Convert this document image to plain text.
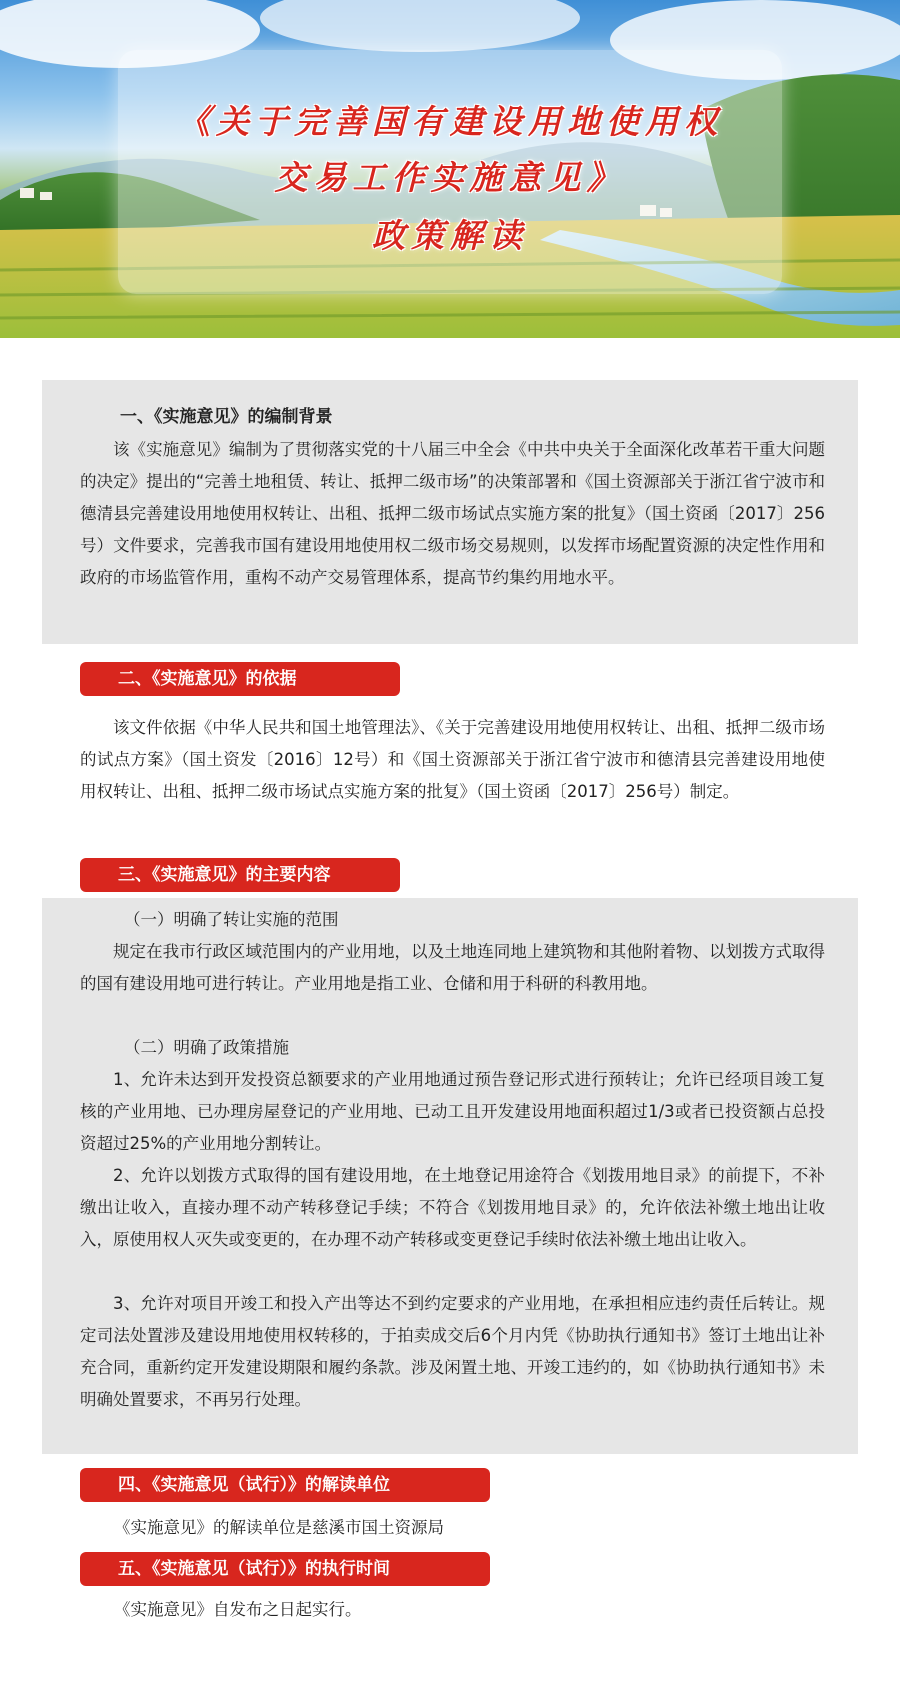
《关于完善国有建设用地使用权
交易工作实施意见》
政策解读
一、《实施意见》的编制背景
该《实施意见》编制为了贯彻落实党的十八届三中全会《中共中央关于全面深化改革若干重大问题的决定》提出的“完善土地租赁、转让、抵押二级市场”的决策部署和《国土资源部关于浙江省宁波市和德清县完善建设用地使用权转让、出租、抵押二级市场试点实施方案的批复》（国土资函〔2017〕256号）文件要求，完善我市国有建设用地使用权二级市场交易规则，以发挥市场配置资源的决定性作用和政府的市场监管作用，重构不动产交易管理体系，提高节约集约用地水平。
二、《实施意见》的依据
该文件依据《中华人民共和国土地管理法》、《关于完善建设用地使用权转让、出租、抵押二级市场的试点方案》（国土资发〔2016〕12号）和《国土资源部关于浙江省宁波市和德清县完善建设用地使用权转让、出租、抵押二级市场试点实施方案的批复》（国土资函〔2017〕256号）制定。
三、《实施意见》的主要内容
（一）明确了转让实施的范围
规定在我市行政区域范围内的产业用地，以及土地连同地上建筑物和其他附着物、以划拨方式取得的国有建设用地可进行转让。产业用地是指工业、仓储和用于科研的科教用地。
（二）明确了政策措施
1、允许未达到开发投资总额要求的产业用地通过预告登记形式进行预转让；允许已经项目竣工复核的产业用地、已办理房屋登记的产业用地、已动工且开发建设用地面积超过1/3或者已投资额占总投资超过25%的产业用地分割转让。
2、允许以划拨方式取得的国有建设用地，在土地登记用途符合《划拨用地目录》的前提下，不补缴出让收入，直接办理不动产转移登记手续；不符合《划拨用地目录》的，允许依法补缴土地出让收入，原使用权人灭失或变更的，在办理不动产转移或变更登记手续时依法补缴土地出让收入。
3、允许对项目开竣工和投入产出等达不到约定要求的产业用地，在承担相应违约责任后转让。规定司法处置涉及建设用地使用权转移的，于拍卖成交后6个月内凭《协助执行通知书》签订土地出让补充合同，重新约定开发建设期限和履约条款。涉及闲置土地、开竣工违约的，如《协助执行通知书》未明确处置要求，不再另行处理。
四、《实施意见（试行）》的解读单位
《实施意见》的解读单位是慈溪市国土资源局
五、《实施意见（试行）》的执行时间
《实施意见》自发布之日起实行。
